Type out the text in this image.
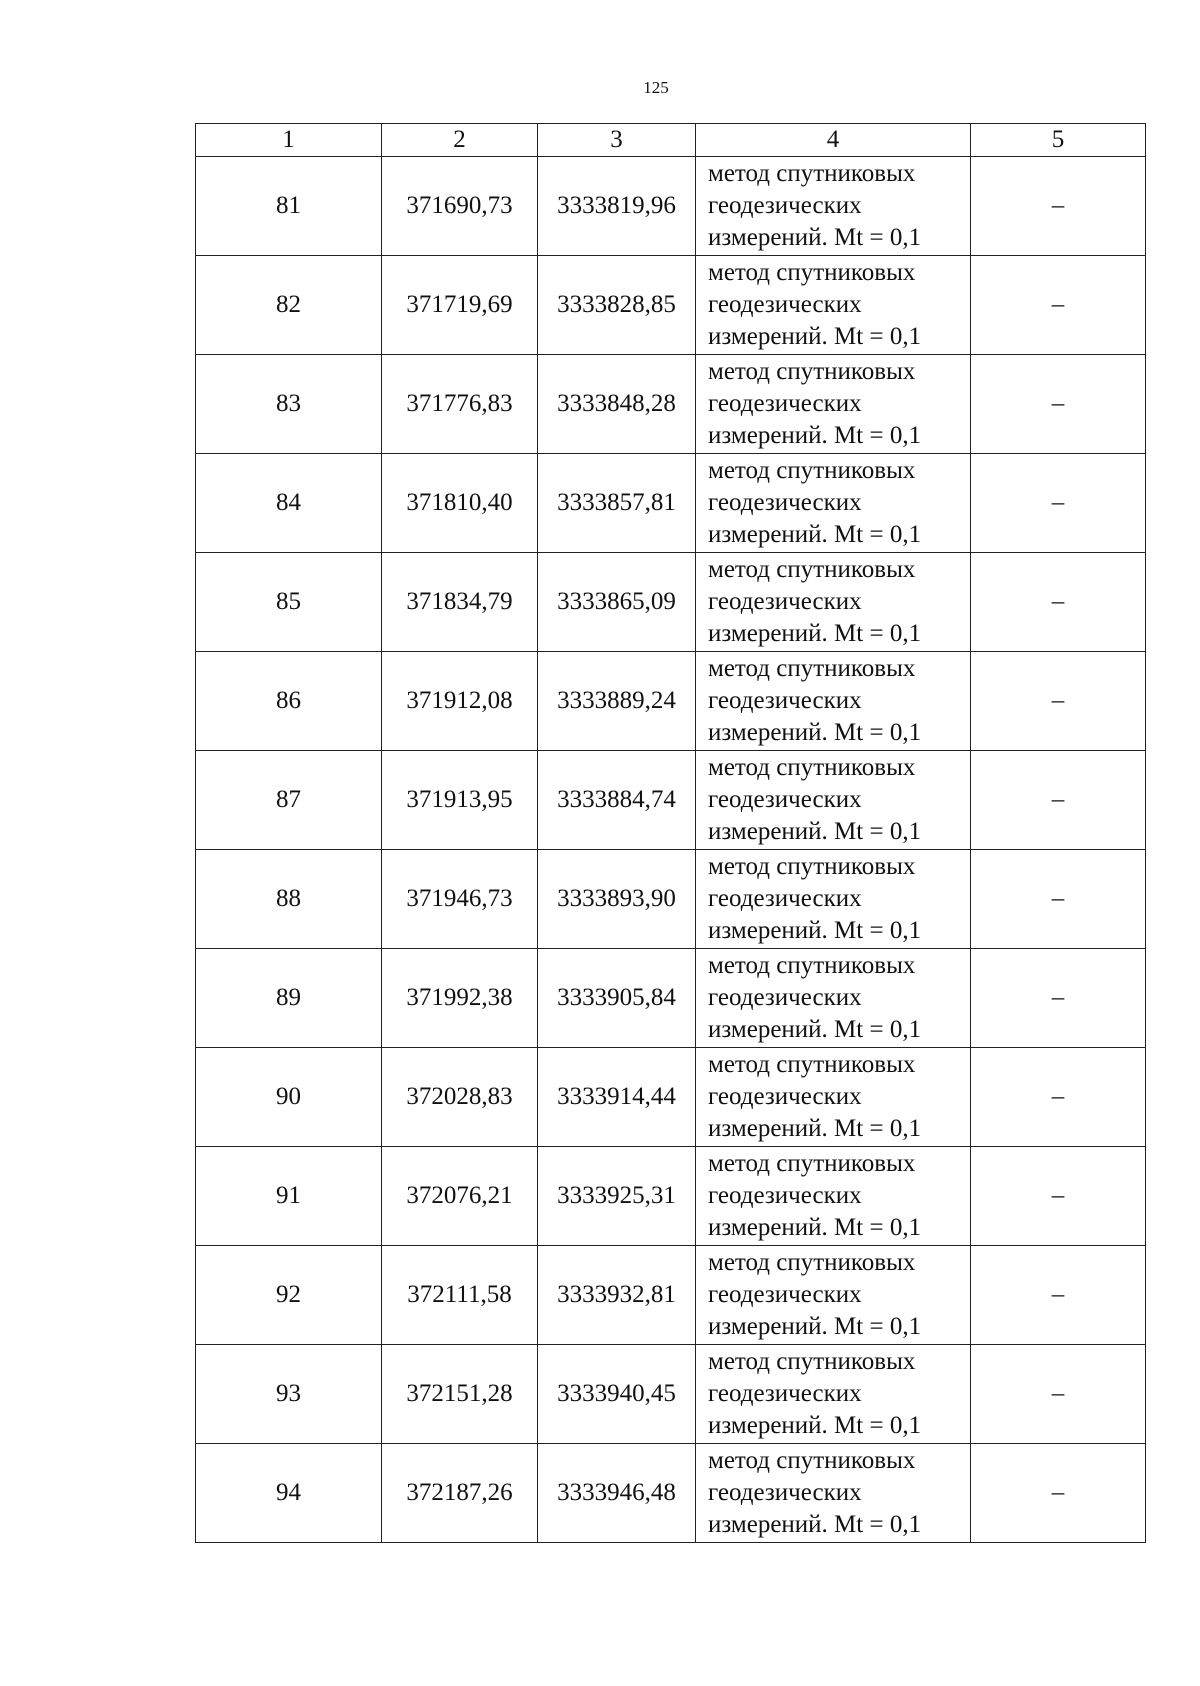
125
1	2	3	4	5
81	371690,73	3333819,96	метод спутниковых
геодезических
измерений. Mt = 0,1	–
82	371719,69	3333828,85	метод спутниковых
геодезических
измерений. Mt = 0,1	–
83	371776,83	3333848,28	метод спутниковых
геодезических
измерений. Mt = 0,1	–
84	371810,40	3333857,81	метод спутниковых
геодезических
измерений. Mt = 0,1	–
85	371834,79	3333865,09	метод спутниковых
геодезических
измерений. Mt = 0,1	–
86	371912,08	3333889,24	метод спутниковых
геодезических
измерений. Mt = 0,1	–
87	371913,95	3333884,74	метод спутниковых
геодезических
измерений. Mt = 0,1	–
88	371946,73	3333893,90	метод спутниковых
геодезических
измерений. Mt = 0,1	–
89	371992,38	3333905,84	метод спутниковых
геодезических
измерений. Mt = 0,1	–
90	372028,83	3333914,44	метод спутниковых
геодезических
измерений. Mt = 0,1	–
91	372076,21	3333925,31	метод спутниковых
геодезических
измерений. Mt = 0,1	–
92	372111,58	3333932,81	метод спутниковых
геодезических
измерений. Mt = 0,1	–
93	372151,28	3333940,45	метод спутниковых
геодезических
измерений. Mt = 0,1	–
94	372187,26	3333946,48	метод спутниковых
геодезических
измерений. Mt = 0,1	–
